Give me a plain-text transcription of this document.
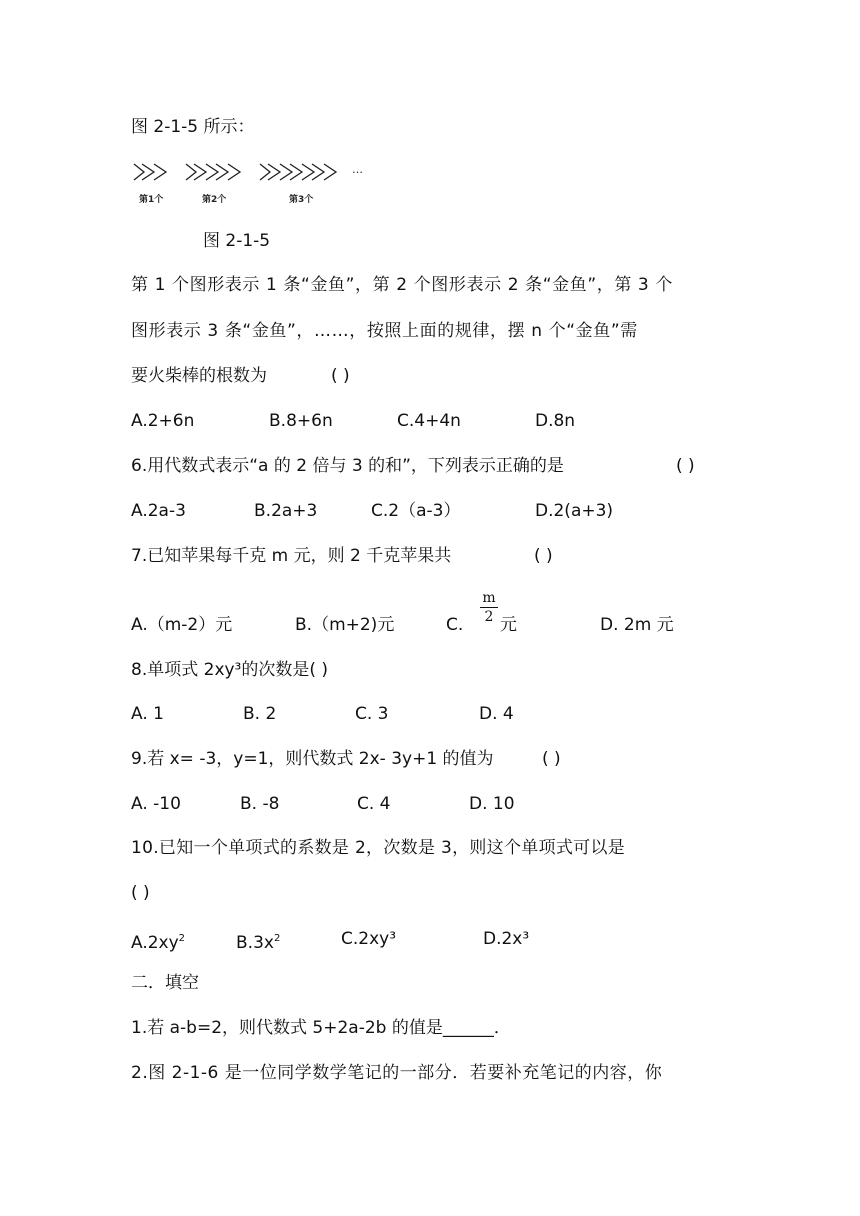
图 2-1-5 所示：
…
第1个	第2个	第3个
图 2-1-5
第 1 个图形表示 1 条“金鱼”，第 2 个图形表示 2 条“金鱼”，第 3 个
图形表示 3 条“金鱼”，……，按照上面的规律，摆 n 个“金鱼”需
要火柴棒的根数为	( )
A.2+6n	B.8+6n	C.4+4n	D.8n
6.用代数式表示“a 的 2 倍与 3 的和”，下列表示正确的是	( )
A.2a-3	B.2a+3	C.2（a-3）	D.2(a+3)
7.已知苹果每千克 m 元，则 2 千克苹果共	( )
A.（m-2）元	B.（m+2)元	C.
m
2 元	D. 2m 元
8.单项式 2xy³的次数是( )
A. 1	B. 2	C. 3	D. 4
9.若 x= -3，y=1，则代数式 2x- 3y+1 的值为	( )
A. -10	B. -8	C. 4	D. 10
10.已知一个单项式的系数是 2，次数是 3，则这个单项式可以是
( )
$A.2xy^2$	$B.3x^2$	C.2xy³	D.2x³
二．填空
1.若 a-b=2，则代数式 5+2a-2b 的值是______．
2.图 2-1-6 是一位同学数学笔记的一部分．若要补充笔记的内容，你
